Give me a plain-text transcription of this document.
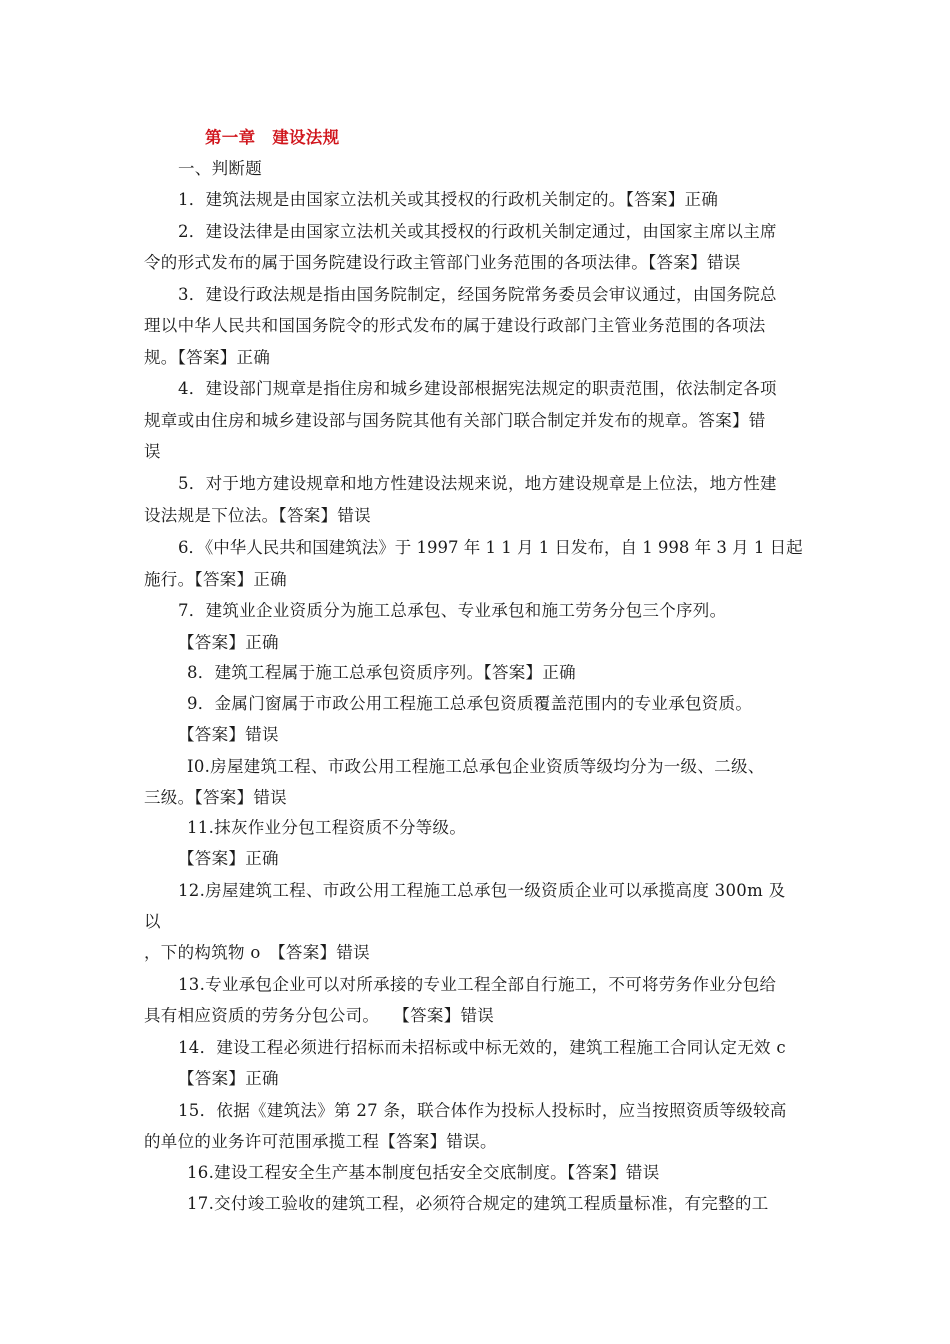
第一章　建设法规
一、判断题
1．建筑法规是由国家立法机关或其授权的行政机关制定的。【答案】正确
2．建设法律是由国家立法机关或其授权的行政机关制定通过，由国家主席以主席
令的形式发布的属于国务院建设行政主管部门业务范围的各项法律。【答案】错误
3．建设行政法规是指由国务院制定，经国务院常务委员会审议通过，由国务院总
理以中华人民共和国国务院令的形式发布的属于建设行政部门主管业务范围的各项法
规。【答案】正确
4．建设部门规章是指住房和城乡建设部根据宪法规定的职责范围，依法制定各项
规章或由住房和城乡建设部与国务院其他有关部门联合制定并发布的规章。答案】错
误
5．对于地方建设规章和地方性建设法规来说，地方建设规章是上位法，地方性建
设法规是下位法。【答案】错误
6．《中华人民共和国建筑法》于 1997 年 1 1 月 1 日发布，自 1 998 年 3 月 1 日起
施行。【答案】正确
7．建筑业企业资质分为施工总承包、专业承包和施工劳务分包三个序列。
【答案】正确
8．建筑工程属于施工总承包资质序列。【答案】正确
9．金属门窗属于市政公用工程施工总承包资质覆盖范围内的专业承包资质。
【答案】错误
I0.房屋建筑工程、市政公用工程施工总承包企业资质等级均分为一级、二级、
三级。【答案】错误
11.抹灰作业分包工程资质不分等级。
【答案】正确
12.房屋建筑工程、市政公用工程施工总承包一级资质企业可以承揽高度 300m 及
以
，下的构筑物 o　【答案】错误
13.专业承包企业可以对所承接的专业工程全部自行施工，不可将劳务作业分包给
具有相应资质的劳务分包公司。　 【答案】错误
14．建设工程必须进行招标而未招标或中标无效的，建筑工程施工合同认定无效 c
【答案】正确
15．依据《建筑法》第 27 条，联合体作为投标人投标时，应当按照资质等级较高
的单位的业务许可范围承揽工程【答案】错误。
16.建设工程安全生产基本制度包括安全交底制度。【答案】错误
17.交付竣工验收的建筑工程，必须符合规定的建筑工程质量标准，有完整的工
